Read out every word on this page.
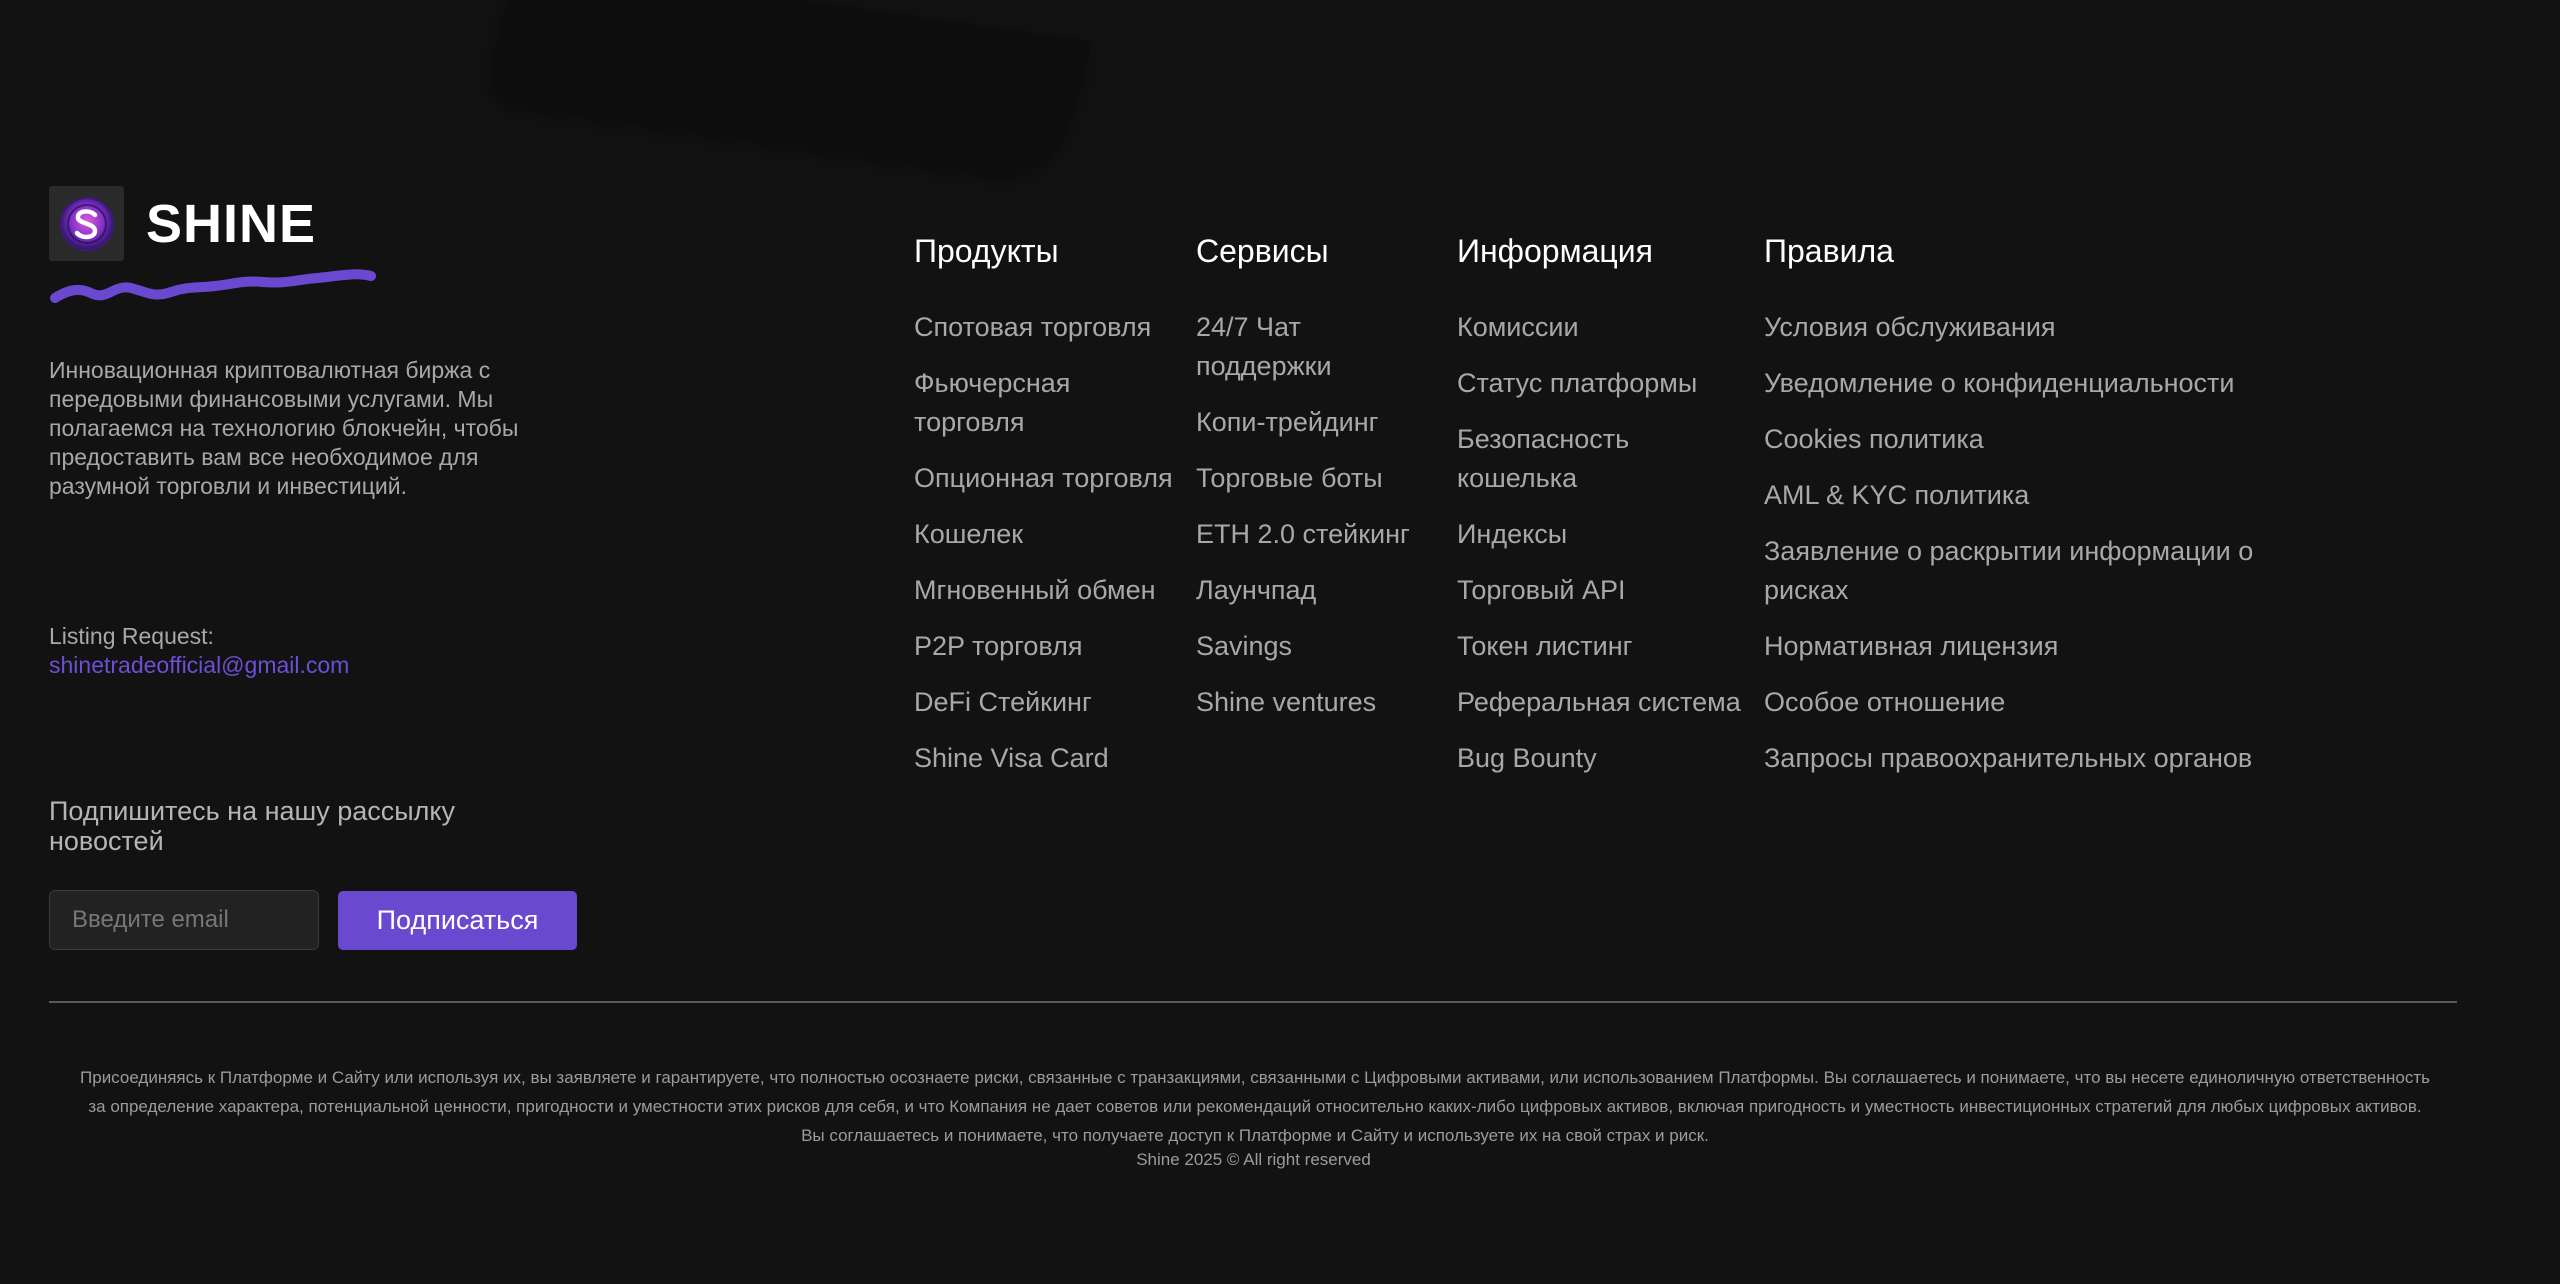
SHINE

Инновационная криптовалютная биржа с передовыми финансовыми услугами. Мы полагаемся на технологию блокчейн, чтобы предоставить вам все необходимое для разумной торговли и инвестиций.

Listing Request:
shinetradeofficial@gmail.com
Подпишитесь на нашу рассылку новостей
Введите email
Подписаться
Продукты
Спотовая торговля
Фьючерсная торговля
Опционная торговля
Кошелек
Мгновенный обмен
P2P торговля
DeFi Стейкинг
Shine Visa Card
Сервисы
24/7 Чат поддержки
Копи-трейдинг
Торговые боты
ETH 2.0 стейкинг
Лаунчпад
Savings
Shine ventures
Информация
Комиссии
Статус платформы
Безопасность кошелька
Индексы
Торговый API
Токен листинг
Реферальная система
Bug Bounty
Правила
Условия обслуживания
Уведомление о конфиденциальности
Cookies политика
AML & KYC политика
Заявление о раскрытии информации о рисках
Нормативная лицензия
Особое отношение
Запросы правоохранительных органов

Присоединяясь к Платформе и Сайту или используя их, вы заявляете и гарантируете, что полностью осознаете риски, связанные с транзакциями, связанными с Цифровыми активами, или использованием Платформы. Вы соглашаетесь и понимаете, что вы несете единоличную ответственность за определение характера, потенциальной ценности, пригодности и уместности этих рисков для себя, и что Компания не дает советов или рекомендаций относительно каких-либо цифровых активов, включая пригодность и уместность инвестиционных стратегий для любых цифровых активов. Вы соглашаетесь и понимаете, что получаете доступ к Платформе и Сайту и используете их на свой страх и риск.

Shine 2025 © All right reserved
